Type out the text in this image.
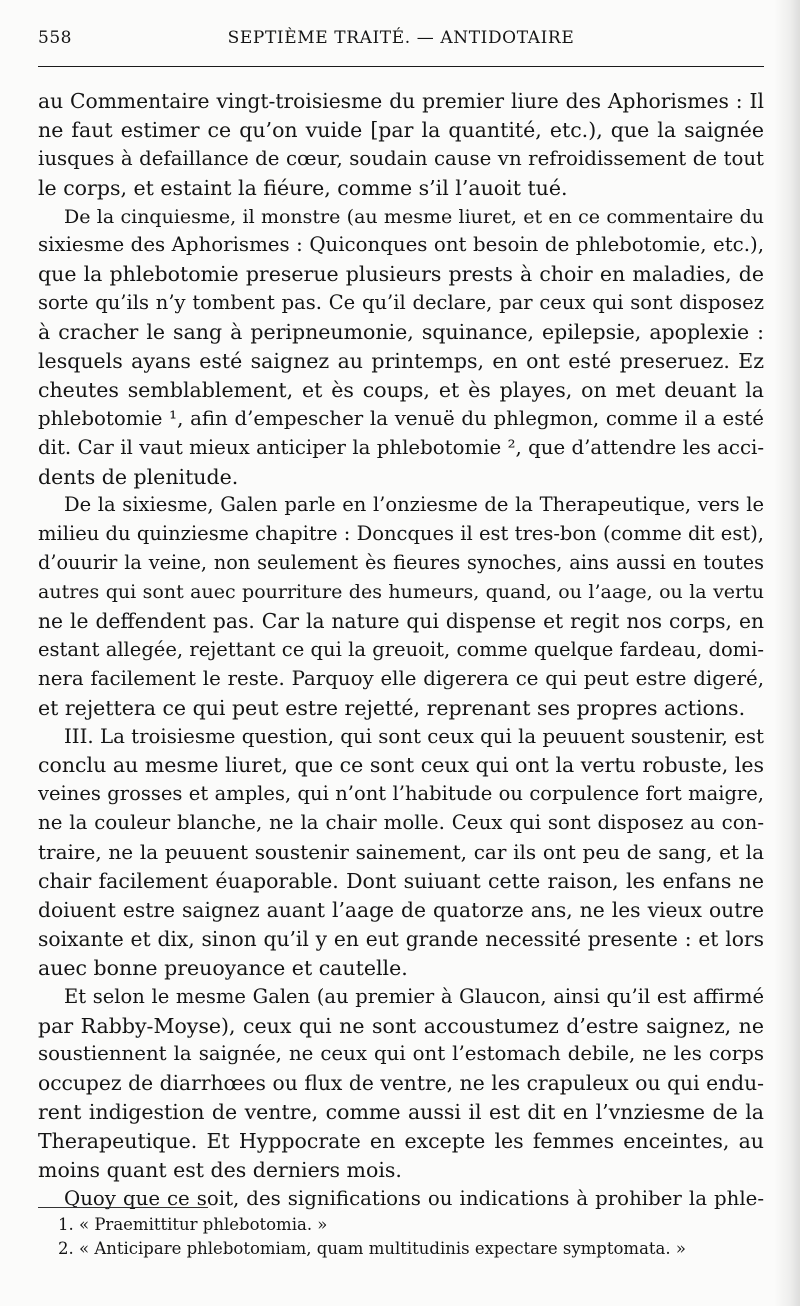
SEPTIÈME TRAITÉ. — ANTIDOTAIRE
558
au Commentaire vingt-troisiesme du premier liure des Aphorismes : Il
ne faut estimer ce qu’on vuide [par la quantité, etc.), que la saignée
iusques à defaillance de cœur, soudain cause vn refroidissement de tout
le corps, et estaint la fiéure, comme s’il l’auoit tué.
De la cinquiesme, il monstre (au mesme liuret, et en ce commentaire du
sixiesme des Aphorismes : Quiconques ont besoin de phlebotomie, etc.),
que la phlebotomie preserue plusieurs prests à choir en maladies, de
sorte qu’ils n’y tombent pas. Ce qu’il declare, par ceux qui sont disposez
à cracher le sang à peripneumonie, squinance, epilepsie, apoplexie :
lesquels ayans esté saignez au printemps, en ont esté preseruez. Ez
cheutes semblablement, et ès coups, et ès playes, on met deuant la
phlebotomie ¹, afin d’empescher la venuë du phlegmon, comme il a esté
dit. Car il vaut mieux anticiper la phlebotomie ², que d’attendre les acci-
dents de plenitude.
De la sixiesme, Galen parle en l’onziesme de la Therapeutique, vers le
milieu du quinziesme chapitre : Doncques il est tres-bon (comme dit est),
d’ouurir la veine, non seulement ès fieures synoches, ains aussi en toutes
autres qui sont auec pourriture des humeurs, quand, ou l’aage, ou la vertu
ne le deffendent pas. Car la nature qui dispense et regit nos corps, en
estant allegée, rejettant ce qui la greuoit, comme quelque fardeau, domi-
nera facilement le reste. Parquoy elle digerera ce qui peut estre digeré,
et rejettera ce qui peut estre rejetté, reprenant ses propres actions.
III. La troisiesme question, qui sont ceux qui la peuuent soustenir, est
conclu au mesme liuret, que ce sont ceux qui ont la vertu robuste, les
veines grosses et amples, qui n’ont l’habitude ou corpulence fort maigre,
ne la couleur blanche, ne la chair molle. Ceux qui sont disposez au con-
traire, ne la peuuent soustenir sainement, car ils ont peu de sang, et la
chair facilement éuaporable. Dont suiuant cette raison, les enfans ne
doiuent estre saignez auant l’aage de quatorze ans, ne les vieux outre
soixante et dix, sinon qu’il y en eut grande necessité presente : et lors
auec bonne preuoyance et cautelle.
Et selon le mesme Galen (au premier à Glaucon, ainsi qu’il est affirmé
par Rabby-Moyse), ceux qui ne sont accoustumez d’estre saignez, ne
soustiennent la saignée, ne ceux qui ont l’estomach debile, ne les corps
occupez de diarrhœes ou flux de ventre, ne les crapuleux ou qui endu-
rent indigestion de ventre, comme aussi il est dit en l’vnziesme de la
Therapeutique. Et Hyppocrate en excepte les femmes enceintes, au
moins quant est des derniers mois.
Quoy que ce soit, des significations ou indications à prohiber la phle-
1. « Praemittitur phlebotomia. »
2. « Anticipare phlebotomiam, quam multitudinis expectare symptomata. »
